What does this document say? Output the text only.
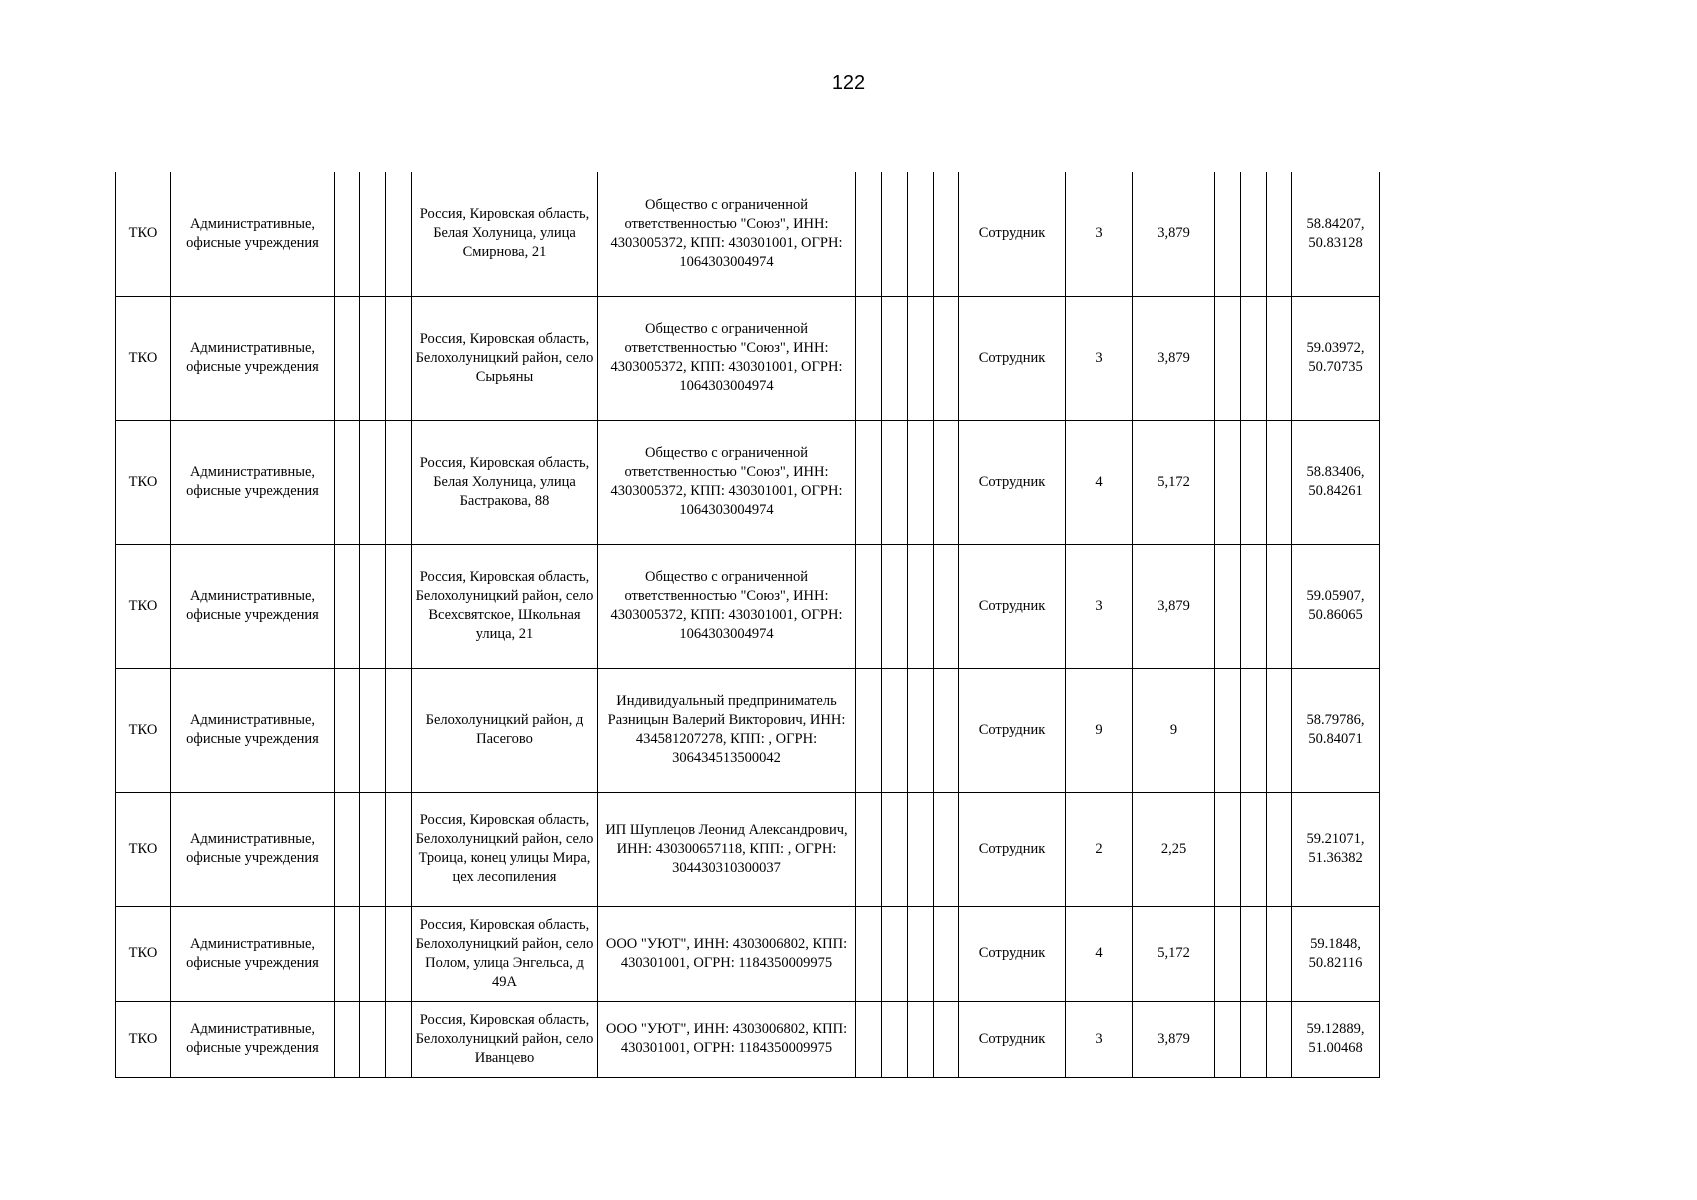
122
ТКО	Административные, офисные учреждения				Россия, Кировская область, Белая Холуница, улица Смирнова, 21	Общество с ограниченной ответственностью "Союз", ИНН: 4303005372, КПП: 430301001, ОГРН: 1064303004974					Сотрудник	3	3,879				58.84207, 50.83128
ТКО	Административные, офисные учреждения				Россия, Кировская область, Белохолуницкий район, село Сырьяны	Общество с ограниченной ответственностью "Союз", ИНН: 4303005372, КПП: 430301001, ОГРН: 1064303004974					Сотрудник	3	3,879				59.03972, 50.70735
ТКО	Административные, офисные учреждения				Россия, Кировская область, Белая Холуница, улица Бастракова, 88	Общество с ограниченной ответственностью "Союз", ИНН: 4303005372, КПП: 430301001, ОГРН: 1064303004974					Сотрудник	4	5,172				58.83406, 50.84261
ТКО	Административные, офисные учреждения				Россия, Кировская область, Белохолуницкий район, село Всехсвятское, Школьная улица, 21	Общество с ограниченной ответственностью "Союз", ИНН: 4303005372, КПП: 430301001, ОГРН: 1064303004974					Сотрудник	3	3,879				59.05907, 50.86065
ТКО	Административные, офисные учреждения				Белохолуницкий район, д Пасегово	Индивидуальный предприниматель Разницын Валерий Викторович, ИНН: 434581207278, КПП: , ОГРН: 306434513500042					Сотрудник	9	9				58.79786, 50.84071
ТКО	Административные, офисные учреждения				Россия, Кировская область, Белохолуницкий район, село Троица, конец улицы Мира, цех лесопиления	ИП Шуплецов Леонид Александрович, ИНН: 430300657118, КПП: , ОГРН: 304430310300037					Сотрудник	2	2,25				59.21071, 51.36382
ТКО	Административные, офисные учреждения				Россия, Кировская область, Белохолуницкий район, село Полом, улица Энгельса, д 49А	ООО "УЮТ", ИНН: 4303006802, КПП: 430301001, ОГРН: 1184350009975					Сотрудник	4	5,172				59.1848, 50.82116
ТКО	Административные, офисные учреждения				Россия, Кировская область, Белохолуницкий район, село Иванцево	ООО "УЮТ", ИНН: 4303006802, КПП: 430301001, ОГРН: 1184350009975					Сотрудник	3	3,879				59.12889, 51.00468
